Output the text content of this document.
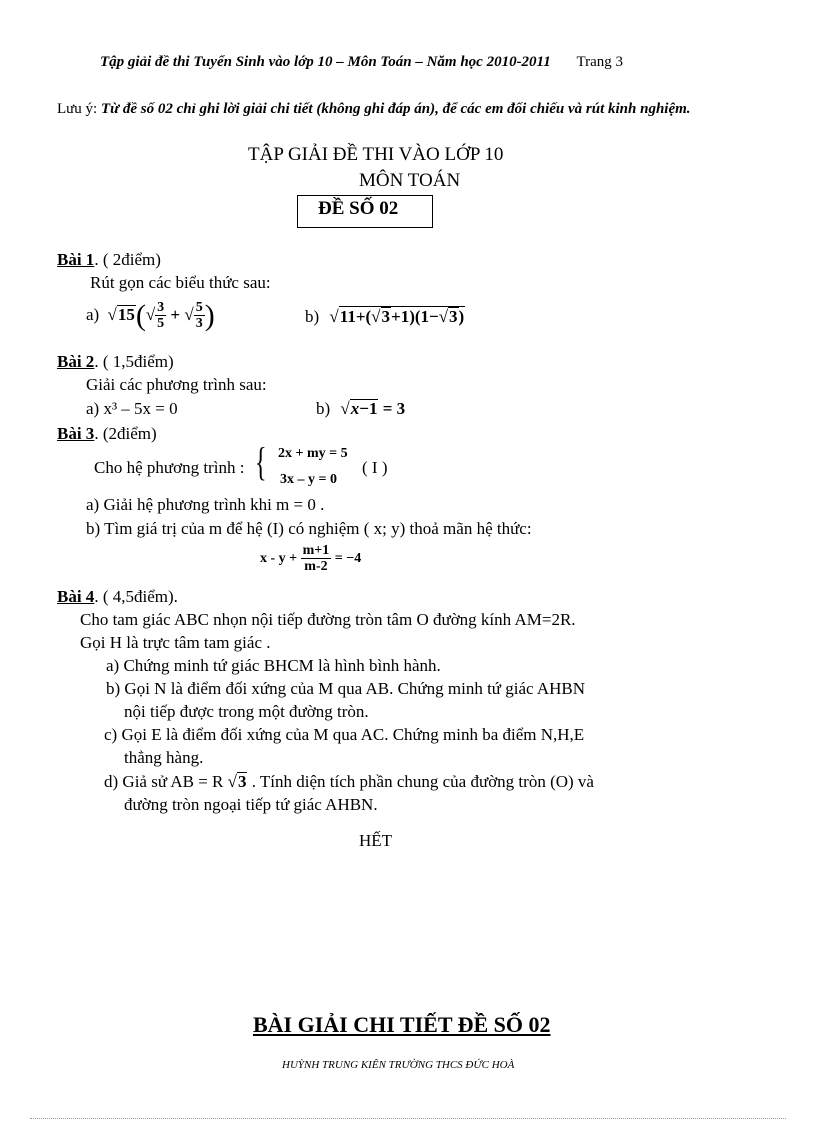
Tập giải đề thi Tuyển Sinh vào lớp 10 – Môn Toán – Năm học 2010-2011 Trang 3
Lưu ý: Từ đề số 02 chỉ ghi lời giải chi tiết (không ghi đáp án), để các em đối chiếu và rút kinh nghiệm.
TẬP GIẢI ĐỀ THI VÀO LỚP 10
MÔN TOÁN
ĐỀ SỐ 02
Bài 1. ( 2điểm)
Rút gọn các biểu thức sau:
a) $√15(√ \frac{3}{5}$ + √ $\frac{5}{3}$ )	b) √11+(√3+1)(1−√3)
Bài 2. ( 1,5điểm)
Giải các phương trình sau:
a) x³ – 5x = 0	b) √x−1 = 3
Bài 3. (2điểm)
Cho hệ phương trình : { 2x + my = 5
3x – y = 0
( I )
a) Giải hệ phương trình khi m = 0 .
b) Tìm giá trị của m để hệ (I) có nghiệm ( x; y) thoả mãn hệ thức:
$x - y + \frac{m+1}{m-2} = -4$
Bài 4. ( 4,5điểm).
Cho tam giác ABC nhọn nội tiếp đường tròn tâm O đường kính AM=2R.
Gọi H là trực tâm tam giác .
a) Chứng minh tứ giác BHCM là hình bình hành.
b) Gọi N là điểm đối xứng của M qua AB. Chứng minh tứ giác AHBN
nội tiếp được trong một đường tròn.
c) Gọi E là điểm đối xứng của M qua AC. Chứng minh ba điểm N,H,E
thẳng hàng.
d) Giả sử AB = R √3 . Tính diện tích phần chung của đường tròn (O) và
đường tròn ngoại tiếp tứ giác AHBN.
HẾT
BÀI GIẢI CHI TIẾT ĐỀ SỐ 02
HUỲNH TRUNG KIÊN TRƯỜNG THCS ĐỨC HOÀ
